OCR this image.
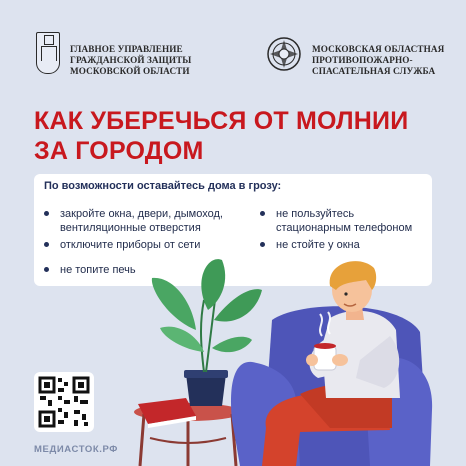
ГЛАВНОЕ УПРАВЛЕНИЕ
ГРАЖДАНСКОЙ ЗАЩИТЫ
МОСКОВСКОЙ ОБЛАСТИ
МОСКОВСКАЯ ОБЛАСТНАЯ
ПРОТИВОПОЖАРНО-
СПАСАТЕЛЬНАЯ СЛУЖБА
КАК УБЕРЕЧЬСЯ ОТ МОЛНИИ
ЗА ГОРОДОМ
По возможности оставайтесь дома в грозу:
закройте окна, двери, дымоход,
вентиляционные отверстия
отключите приборы от сети
не топите печь
не пользуйтесь
стационарным телефоном
не стойте у окна
МЕДИАСТОК.РФ
